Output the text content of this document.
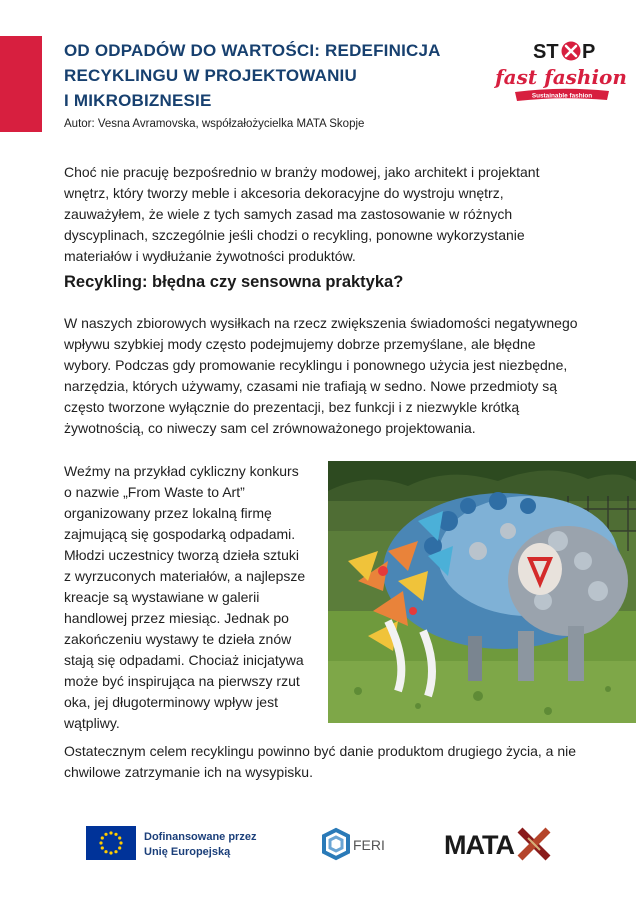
OD ODPADÓW DO WARTOŚCI: REDEFINICJA
RECYKLINGU W PROJEKTOWANIU
I MIKROBIZNESIE
Autor: Vesna Avramovska, współzałożycielka MATA Skopje
ST P
fast fashion
Sustainable fashion

Choć nie pracuję bezpośrednio w branży modowej, jako architekt i projektant wnętrz, który tworzy meble i akcesoria dekoracyjne do wystroju wnętrz, zauważyłem, że wiele z tych samych zasad ma zastosowanie w różnych dyscyplinach, szczególnie jeśli chodzi o recykling, ponowne wykorzystanie materiałów i wydłużanie żywotności produktów.

Recykling: błędna czy sensowna praktyka?

W naszych zbiorowych wysiłkach na rzecz zwiększenia świadomości negatywnego wpływu szybkiej mody często podejmujemy dobrze przemyślane, ale błędne wybory. Podczas gdy promowanie recyklingu i ponownego użycia jest niezbędne, narzędzia, których używamy, czasami nie trafiają w sedno. Nowe przedmioty są często tworzone wyłącznie do prezentacji, bez funkcji i z niezwykle krótką żywotnością, co niweczy sam cel zrównoważonego projektowania.

Weźmy na przykład cykliczny konkurs o nazwie „From Waste to Art” organizowany przez lokalną firmę zajmującą się gospodarką odpadami. Młodzi uczestnicy tworzą dzieła sztuki z wyrzuconych materiałów, a najlepsze kreacje są wystawiane w galerii handlowej przez miesiąc. Jednak po zakończeniu wystawy te dzieła znów stają się odpadami. Chociaż inicjatywa może być inspirująca na pierwszy rzut oka, jej długoterminowy wpływ jest wątpliwy.

Ostatecznym celem recyklingu powinno być danie produktom drugiego życia, a nie chwilowe zatrzymanie ich na wysypisku.

Dofinansowane przez
Unię Europejską	FERI MATA
